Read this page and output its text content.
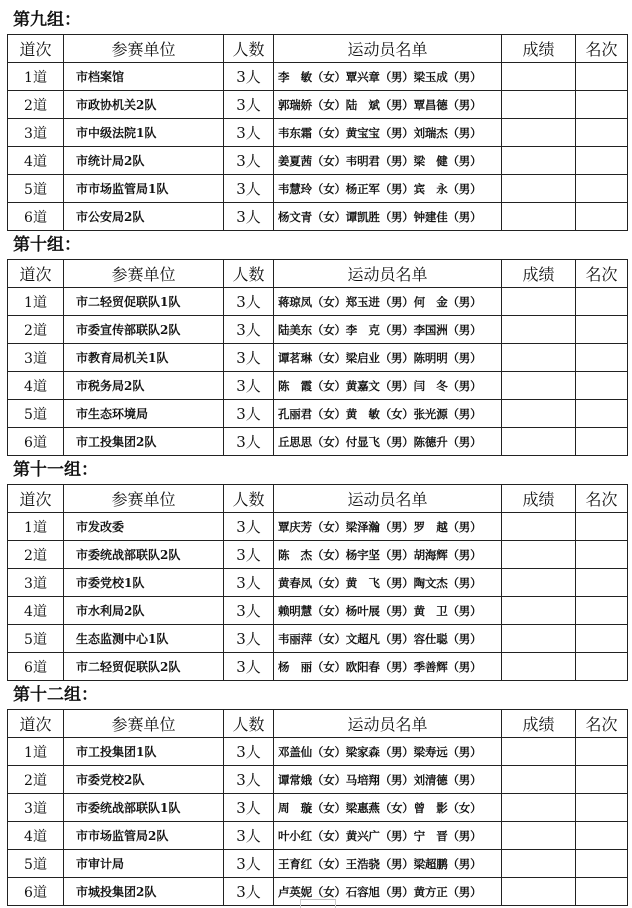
第九组：
道次	参赛单位	人数	运动员名单	成绩	名次
1道	市档案馆	3人	李　敏（女）覃兴章（男）梁玉成（男）		
2道	市政协机关2队	3人	郭瑞娇（女）陆　斌（男）覃昌德（男）		
3道	市中级法院1队	3人	韦东霜（女）黄宝宝（男）刘瑞杰（男）		
4道	市统计局2队	3人	姜夏茜（女）韦明君（男）梁　健（男）		
5道	市市场监管局1队	3人	韦慧玲（女）杨正军（男）宾　永（男）		
6道	市公安局2队	3人	杨文青（女）谭凯胜（男）钟建佳（男）		
第十组：
道次	参赛单位	人数	运动员名单	成绩	名次
1道	市二轻贸促联队1队	3人	蒋琼凤（女）郑玉进（男）何　金（男）		
2道	市委宣传部联队2队	3人	陆美东（女）李　克（男）李国洲（男）		
3道	市教育局机关1队	3人	谭茗琳（女）梁启业（男）陈明明（男）		
4道	市税务局2队	3人	陈　霞（女）黄嘉文（男）闫　冬（男）		
5道	市生态环境局	3人	孔丽君（女）黄　敏（女）张光源（男）		
6道	市工投集团2队	3人	丘思思（女）付显飞（男）陈德升（男）		
第十一组：
道次	参赛单位	人数	运动员名单	成绩	名次
1道	市发改委	3人	覃庆芳（女）梁泽瀚（男）罗　越（男）		
2道	市委统战部联队2队	3人	陈　杰（女）杨宇坚（男）胡海辉（男）		
3道	市委党校1队	3人	黄春凤（女）黄　飞（男）陶文杰（男）		
4道	市水利局2队	3人	赖明慧（女）杨叶展（男）黄　卫（男）		
5道	生态监测中心1队	3人	韦丽萍（女）文超凡（男）容仕聪（男）		
6道	市二轻贸促联队2队	3人	杨　丽（女）欧阳春（男）季善辉（男）		
第十二组：
道次	参赛单位	人数	运动员名单	成绩	名次
1道	市工投集团1队	3人	邓盖仙（女）梁家森（男）梁寿远（男）		
2道	市委党校2队	3人	谭常娥（女）马培翔（男）刘清德（男）		
3道	市委统战部联队1队	3人	周　璇（女）梁惠燕（女）曾　影（女）		
4道	市市场监管局2队	3人	叶小红（女）黄兴广（男）宁　晋（男）		
5道	市审计局	3人	王育红（女）王浩骁（男）梁超鹏（男）		
6道	市城投集团2队	3人	卢英妮（女）石容旭（男）黄方正（男）		
